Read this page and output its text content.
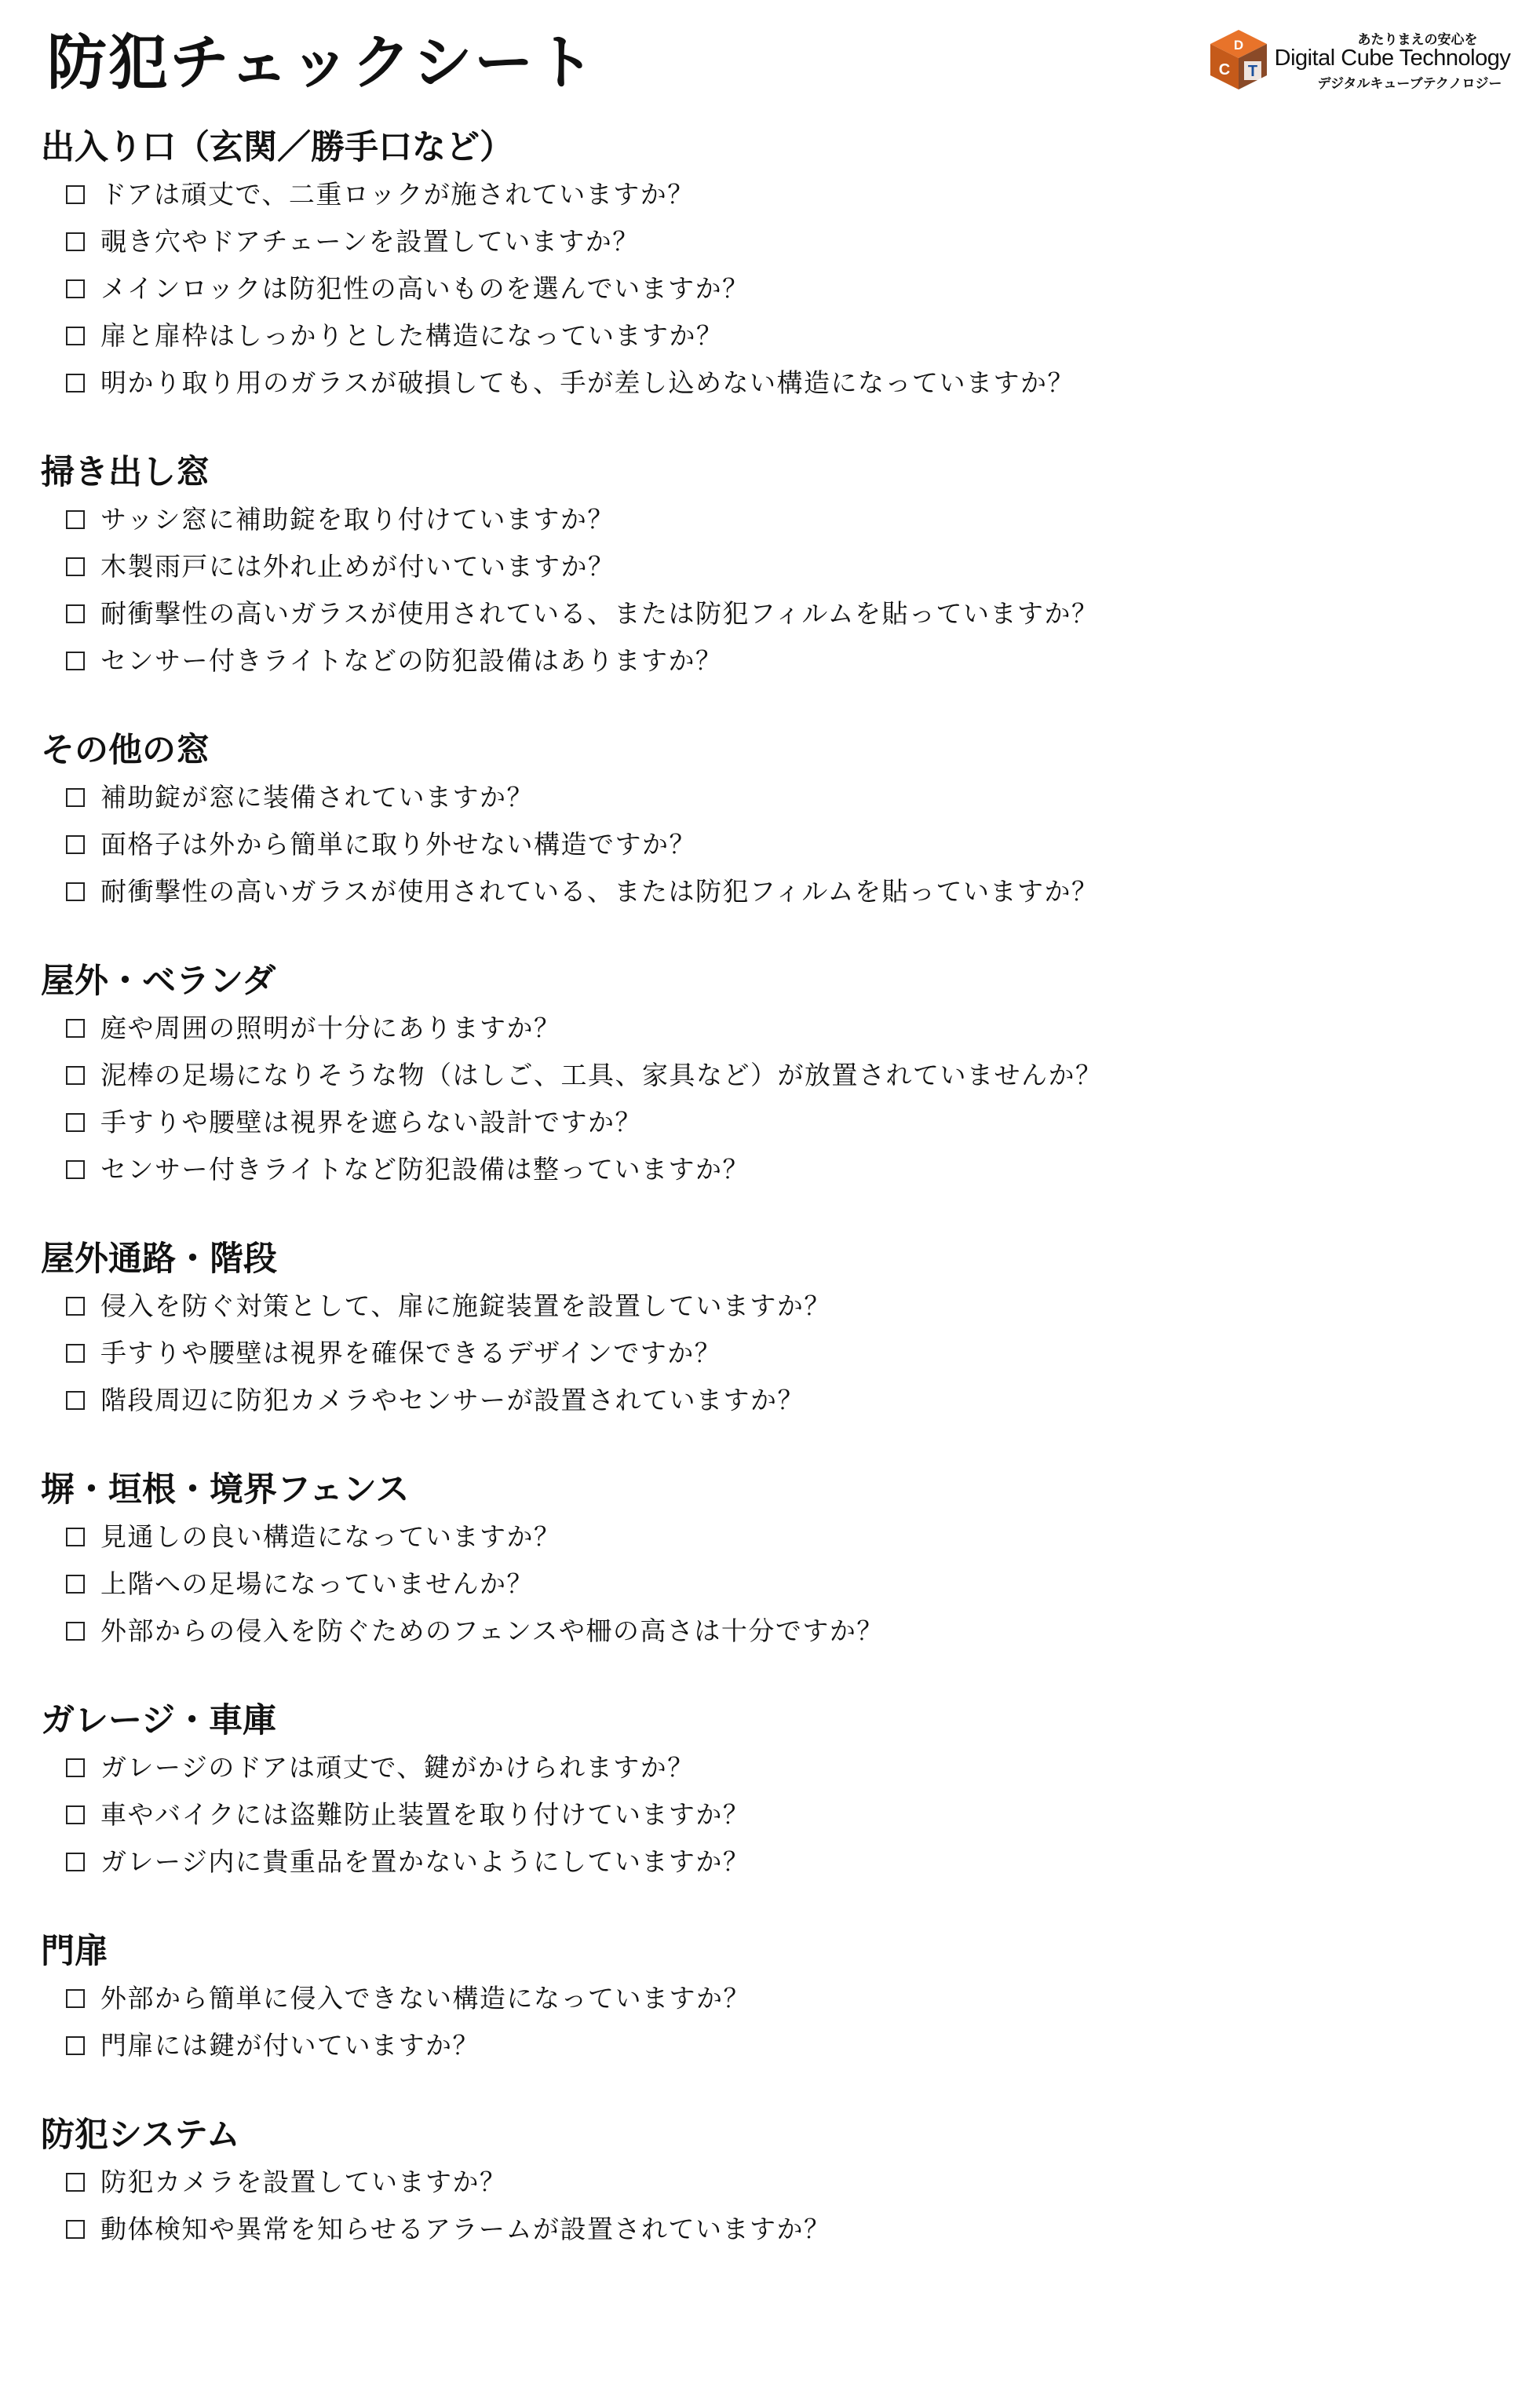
防犯チェックシート	D
C T
あたりまえの安心を
Digital Cube Technology
デジタルキューブテクノロジー
出入り口（玄関／勝手口など）
ドアは頑丈で、二重ロックが施されていますか？
覗き穴やドアチェーンを設置していますか？
メインロックは防犯性の高いものを選んでいますか？
扉と扉枠はしっかりとした構造になっていますか？
明かり取り用のガラスが破損しても、手が差し込めない構造になっていますか？
掃き出し窓
サッシ窓に補助錠を取り付けていますか？
木製雨戸には外れ止めが付いていますか？
耐衝撃性の高いガラスが使用されている、または防犯フィルムを貼っていますか？
センサー付きライトなどの防犯設備はありますか？
その他の窓
補助錠が窓に装備されていますか？
面格子は外から簡単に取り外せない構造ですか？
耐衝撃性の高いガラスが使用されている、または防犯フィルムを貼っていますか？
屋外・ベランダ
庭や周囲の照明が十分にありますか？
泥棒の足場になりそうな物（はしご、工具、家具など）が放置されていませんか？
手すりや腰壁は視界を遮らない設計ですか？
センサー付きライトなど防犯設備は整っていますか？
屋外通路・階段
侵入を防ぐ対策として、扉に施錠装置を設置していますか？
手すりや腰壁は視界を確保できるデザインですか？
階段周辺に防犯カメラやセンサーが設置されていますか？
塀・垣根・境界フェンス
見通しの良い構造になっていますか？
上階への足場になっていませんか？
外部からの侵入を防ぐためのフェンスや柵の高さは十分ですか？
ガレージ・車庫
ガレージのドアは頑丈で、鍵がかけられますか？
車やバイクには盗難防止装置を取り付けていますか？
ガレージ内に貴重品を置かないようにしていますか？
門扉
外部から簡単に侵入できない構造になっていますか？
門扉には鍵が付いていますか？
防犯システム
防犯カメラを設置していますか？
動体検知や異常を知らせるアラームが設置されていますか？
